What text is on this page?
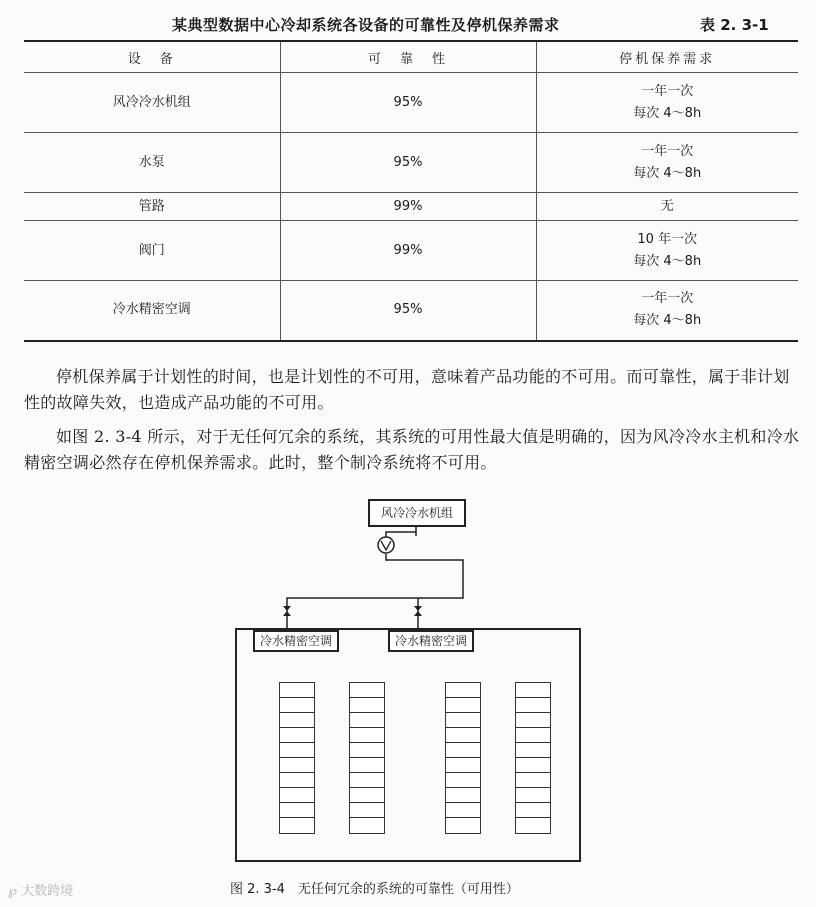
某典型数据中心冷却系统各设备的可靠性及停机保养需求	表 2. 3-1
设　备	可　靠　性	停机保养需求
风冷冷水机组	95%	一年一次
每次 4～8h

水泵	95%	一年一次
每次 4～8h

管路	99%	无

阀门	99%	10 年一次
每次 4～8h

冷水精密空调	95%	一年一次
每次 4～8h

停机保养属于计划性的时间，也是计划性的不可用，意味着产品功能的不可用。而可靠性，属于非计划性的故障失效，也造成产品功能的不可用。

如图 2. 3-4 所示，对于无任何冗余的系统，其系统的可用性最大值是明确的，因为风冷冷水主机和冷水精密空调必然存在停机保养需求。此时，整个制冷系统将不可用。

风冷冷水机组
冷水精密空调	冷水精密空调
图 2. 3-4　无任何冗余的系统的可靠性（可用性）
℘ 大数跨境
